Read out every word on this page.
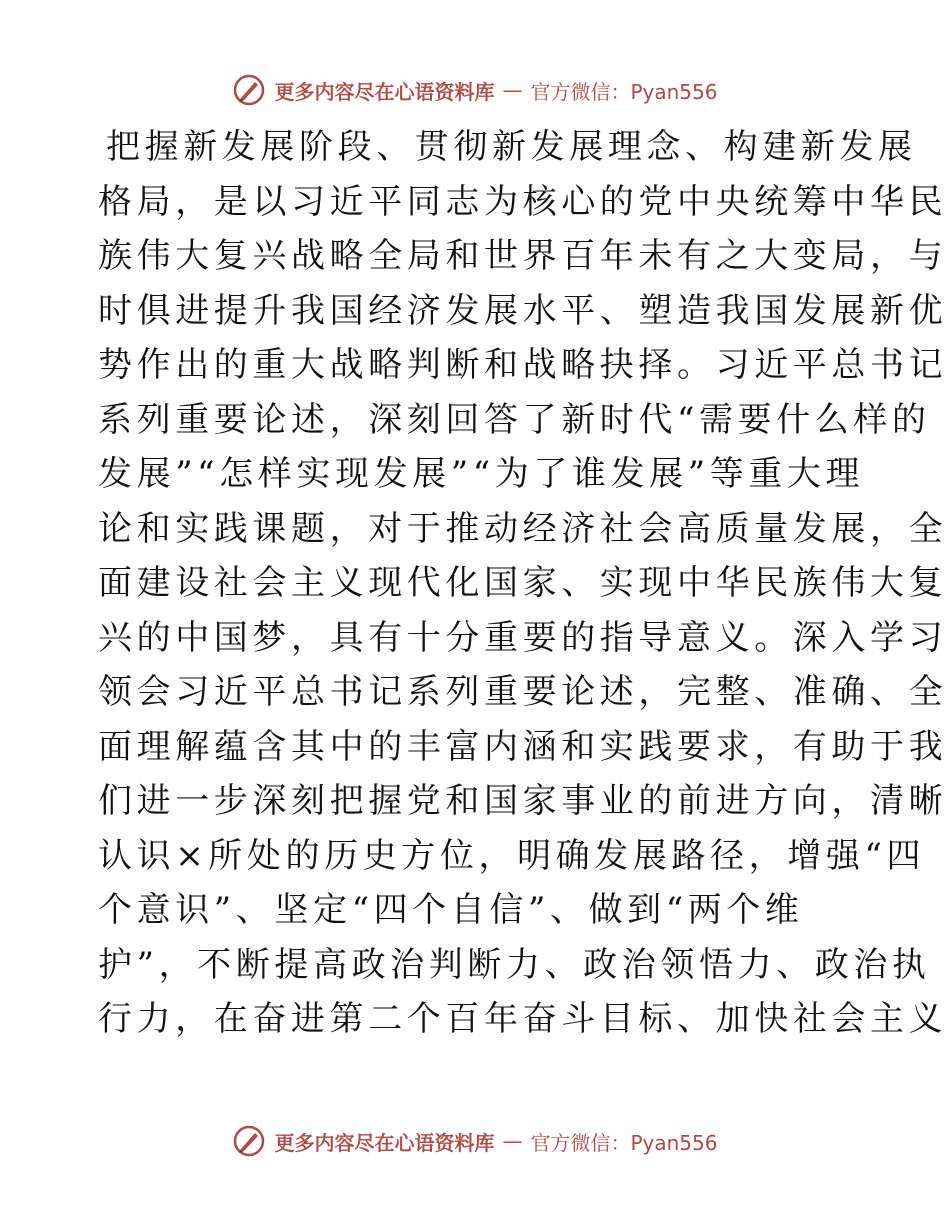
更多内容尽在心语资料库 — 官方微信：Pyan556
把握新发展阶段、贯彻新发展理念、构建新发展
格局，是以习近平同志为核心的党中央统筹中华民
族伟大复兴战略全局和世界百年未有之大变局，与
时俱进提升我国经济发展水平、塑造我国发展新优
势作出的重大战略判断和战略抉择。习近平总书记
系列重要论述，深刻回答了新时代“需要什么样的
发展”“怎样实现发展”“为了谁发展”等重大理
论和实践课题，对于推动经济社会高质量发展，全
面建设社会主义现代化国家、实现中华民族伟大复
兴的中国梦，具有十分重要的指导意义。深入学习
领会习近平总书记系列重要论述，完整、准确、全
面理解蕴含其中的丰富内涵和实践要求，有助于我
们进一步深刻把握党和国家事业的前进方向，清晰
认识×所处的历史方位，明确发展路径，增强“四
个意识”、坚定“四个自信”、做到“两个维
护”，不断提高政治判断力、政治领悟力、政治执
行力，在奋进第二个百年奋斗目标、加快社会主义
更多内容尽在心语资料库 — 官方微信：Pyan556
